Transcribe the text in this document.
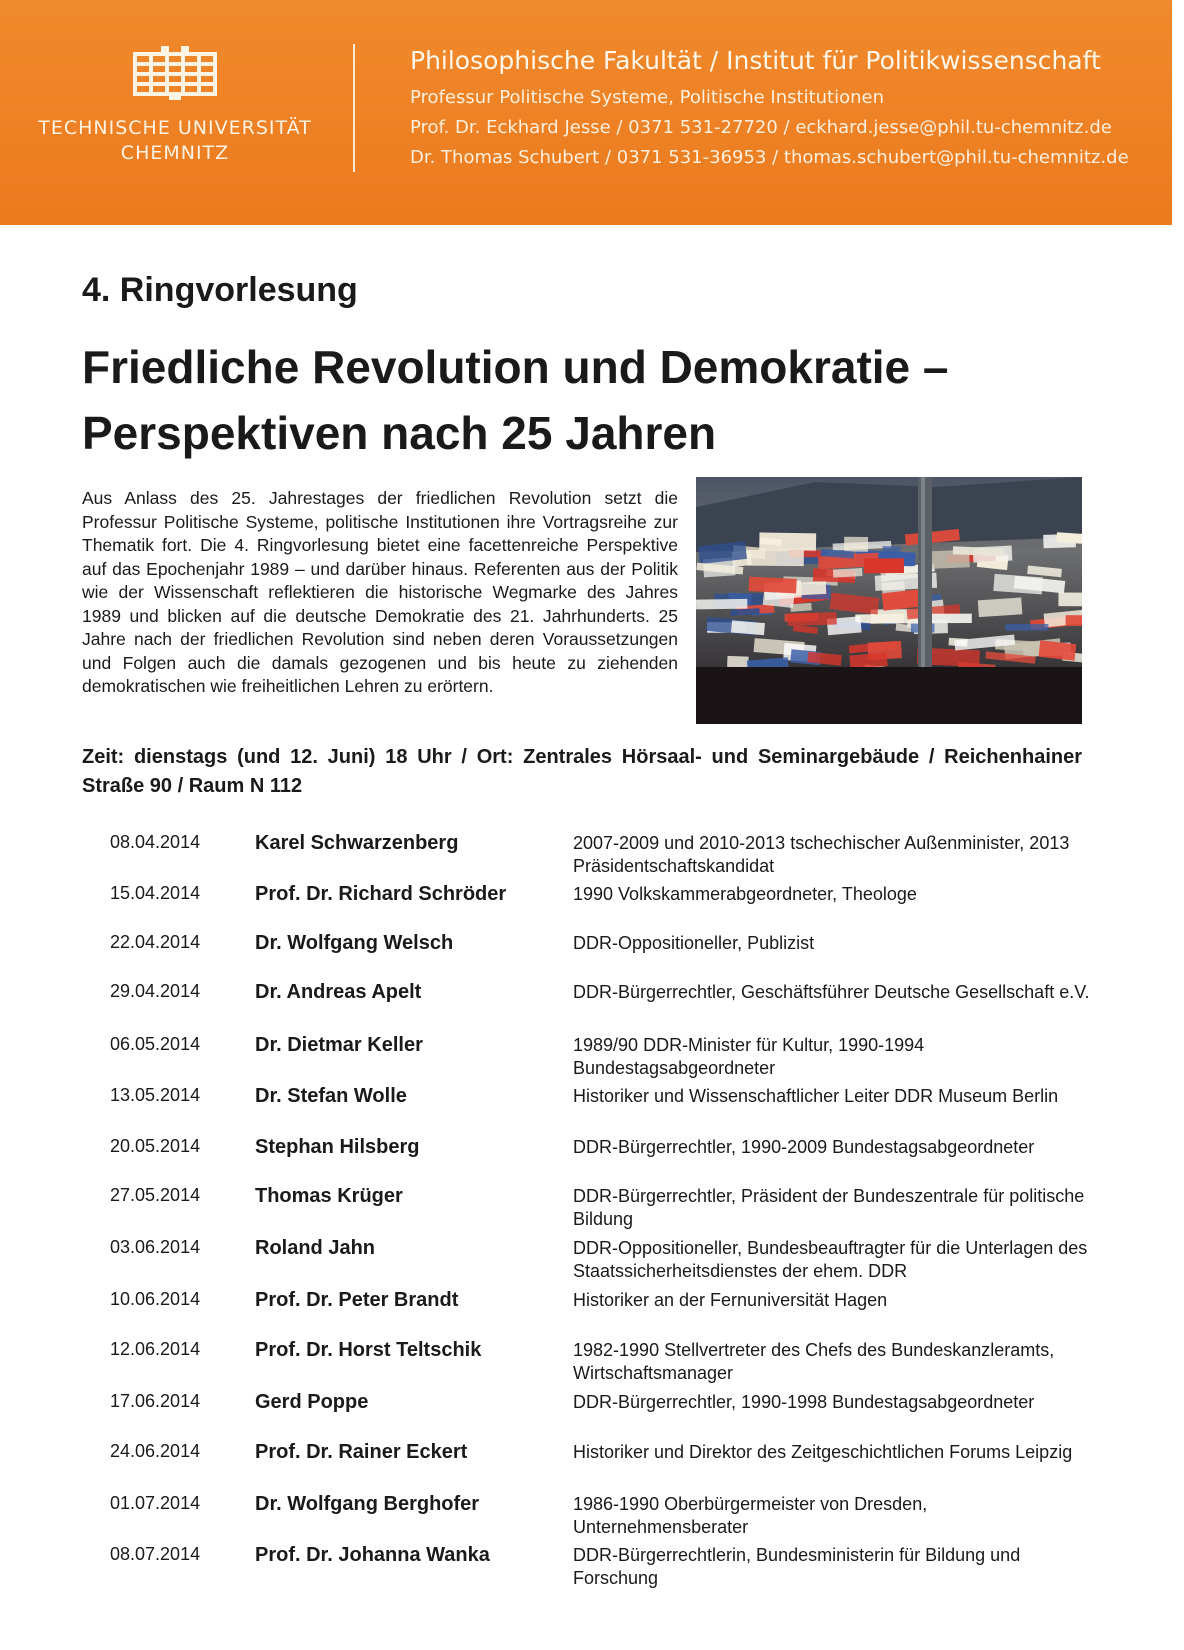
TECHNISCHE UNIVERSITÄT
CHEMNITZ
Philosophische Fakultät / Institut für Politikwissenschaft
Professur Politische Systeme, Politische Institutionen
Prof. Dr. Eckhard Jesse / 0371 531-27720 / eckhard.jesse@phil.tu-chemnitz.de
Dr. Thomas Schubert / 0371 531-36953 / thomas.schubert@phil.tu-chemnitz.de
4. Ringvorlesung
Friedliche Revolution und Demokratie –
Perspektiven nach 25 Jahren
Aus Anlass des 25. Jahrestages der friedlichen Revolution setzt die Professur Politische Systeme, politische Institutionen ihre Vortragsreihe zur Thematik fort. Die 4. Ringvorlesung bietet eine facettenreiche Perspektive auf das Epochenjahr 1989 – und darüber hinaus. Referenten aus der Politik wie der Wissenschaft reflektieren die historische Wegmarke des Jahres 1989 und blicken auf die deutsche Demokratie des 21. Jahrhunderts. 25 Jahre nach der friedlichen Revolution sind neben deren Voraussetzungen und Folgen auch die damals gezogenen und bis heute zu ziehenden demokratischen wie freiheitlichen Lehren zu erörtern.
Zeit: dienstags (und 12. Juni) 18 Uhr / Ort: Zentrales Hörsaal- und Seminargebäude / Reichenhainer Straße 90 / Raum N 112
08.04.2014	Karel Schwarzenberg	2007-2009 und 2010-2013 tschechischer Außenminister, 2013 Präsidentschaftskandidat
15.04.2014	Prof. Dr. Richard Schröder	1990 Volkskammerabgeordneter, Theologe
22.04.2014	Dr. Wolfgang Welsch	DDR-Oppositioneller, Publizist
29.04.2014	Dr. Andreas Apelt	DDR-Bürgerrechtler, Geschäftsführer Deutsche Gesellschaft e.V.
06.05.2014	Dr. Dietmar Keller	1989/90 DDR-Minister für Kultur, 1990-1994 Bundestagsabgeordneter
13.05.2014	Dr. Stefan Wolle	Historiker und Wissenschaftlicher Leiter DDR Museum Berlin
20.05.2014	Stephan Hilsberg	DDR-Bürgerrechtler, 1990-2009 Bundestagsabgeordneter
27.05.2014	Thomas Krüger	DDR-Bürgerrechtler, Präsident der Bundeszentrale für politische Bildung
03.06.2014	Roland Jahn	DDR-Oppositioneller, Bundesbeauftragter für die Unterlagen des Staatssicherheitsdienstes der ehem. DDR
10.06.2014	Prof. Dr. Peter Brandt	Historiker an der Fernuniversität Hagen
12.06.2014	Prof. Dr. Horst Teltschik	1982-1990 Stellvertreter des Chefs des Bundeskanzleramts, Wirtschaftsmanager
17.06.2014	Gerd Poppe	DDR-Bürgerrechtler, 1990-1998 Bundestagsabgeordneter
24.06.2014	Prof. Dr. Rainer Eckert	Historiker und Direktor des Zeitgeschichtlichen Forums Leipzig
01.07.2014	Dr. Wolfgang Berghofer	1986-1990 Oberbürgermeister von Dresden, Unternehmensberater
08.07.2014	Prof. Dr. Johanna Wanka	DDR-Bürgerrechtlerin, Bundesministerin für Bildung und Forschung
